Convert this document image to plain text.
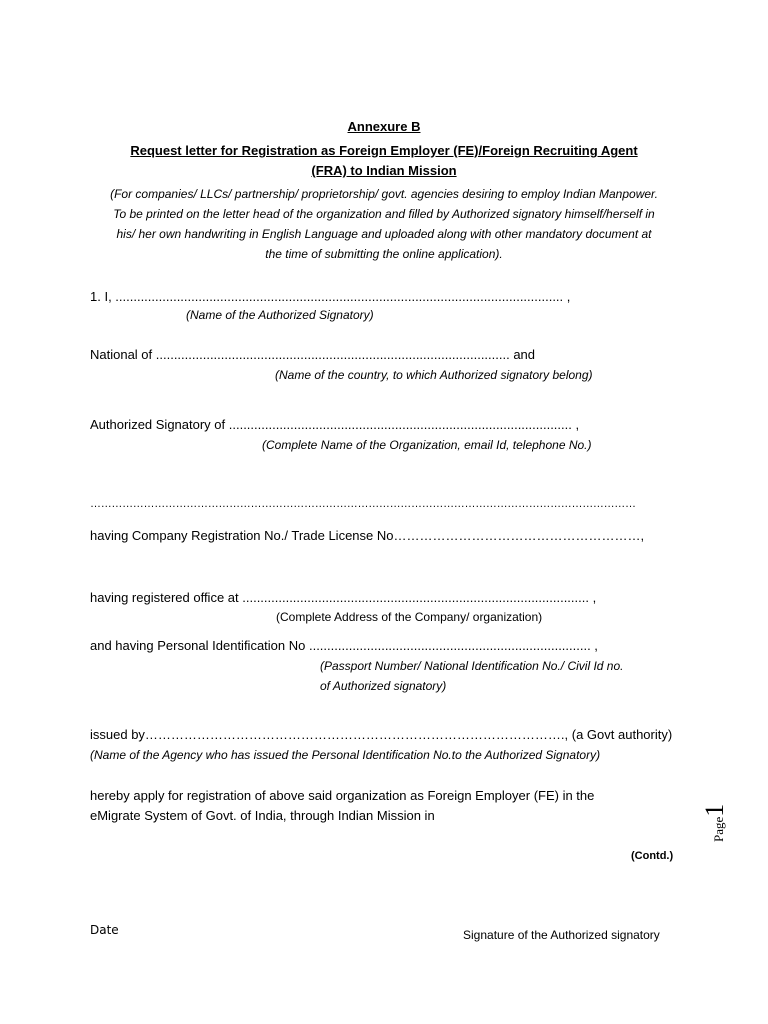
Annexure B
Request letter for Registration as Foreign Employer (FE)/Foreign Recruiting Agent
(FRA) to Indian Mission
(For companies/ LLCs/ partnership/ proprietorship/ govt. agencies desiring to employ Indian Manpower.
To be printed on the letter head of the organization and filled by Authorized signatory himself/herself in
his/ her own handwriting in English Language and uploaded along with other mandatory document at
the time of submitting the online application).
1. I, ............................................................................................................................ ,
(Name of the Authorized Signatory)
National of .................................................................................................. and
(Name of the country, to which Authorized signatory belong)
Authorized Signatory of ............................................................................................... ,
(Complete Name of the Organization, email Id, telephone No.)
………………………………………………………………………………………………………………………………………
having Company Registration No./ Trade License No…………………………………………………,
having registered office at ................................................................................................ ,
(Complete Address of the Company/ organization)
and having Personal Identification No .............................................................................. ,
(Passport Number/ National Identification No./ Civil Id no.
of Authorized signatory)
issued by……………………………………………………………………………………., (a Govt authority)
(Name of the Agency who has issued the Personal Identification No.to the Authorized Signatory)
hereby apply for registration of above said organization as Foreign Employer (FE) in the
eMigrate System of Govt. of India, through Indian Mission in
(Contd.)
Page1
Date	Signature of the Authorized signatory
